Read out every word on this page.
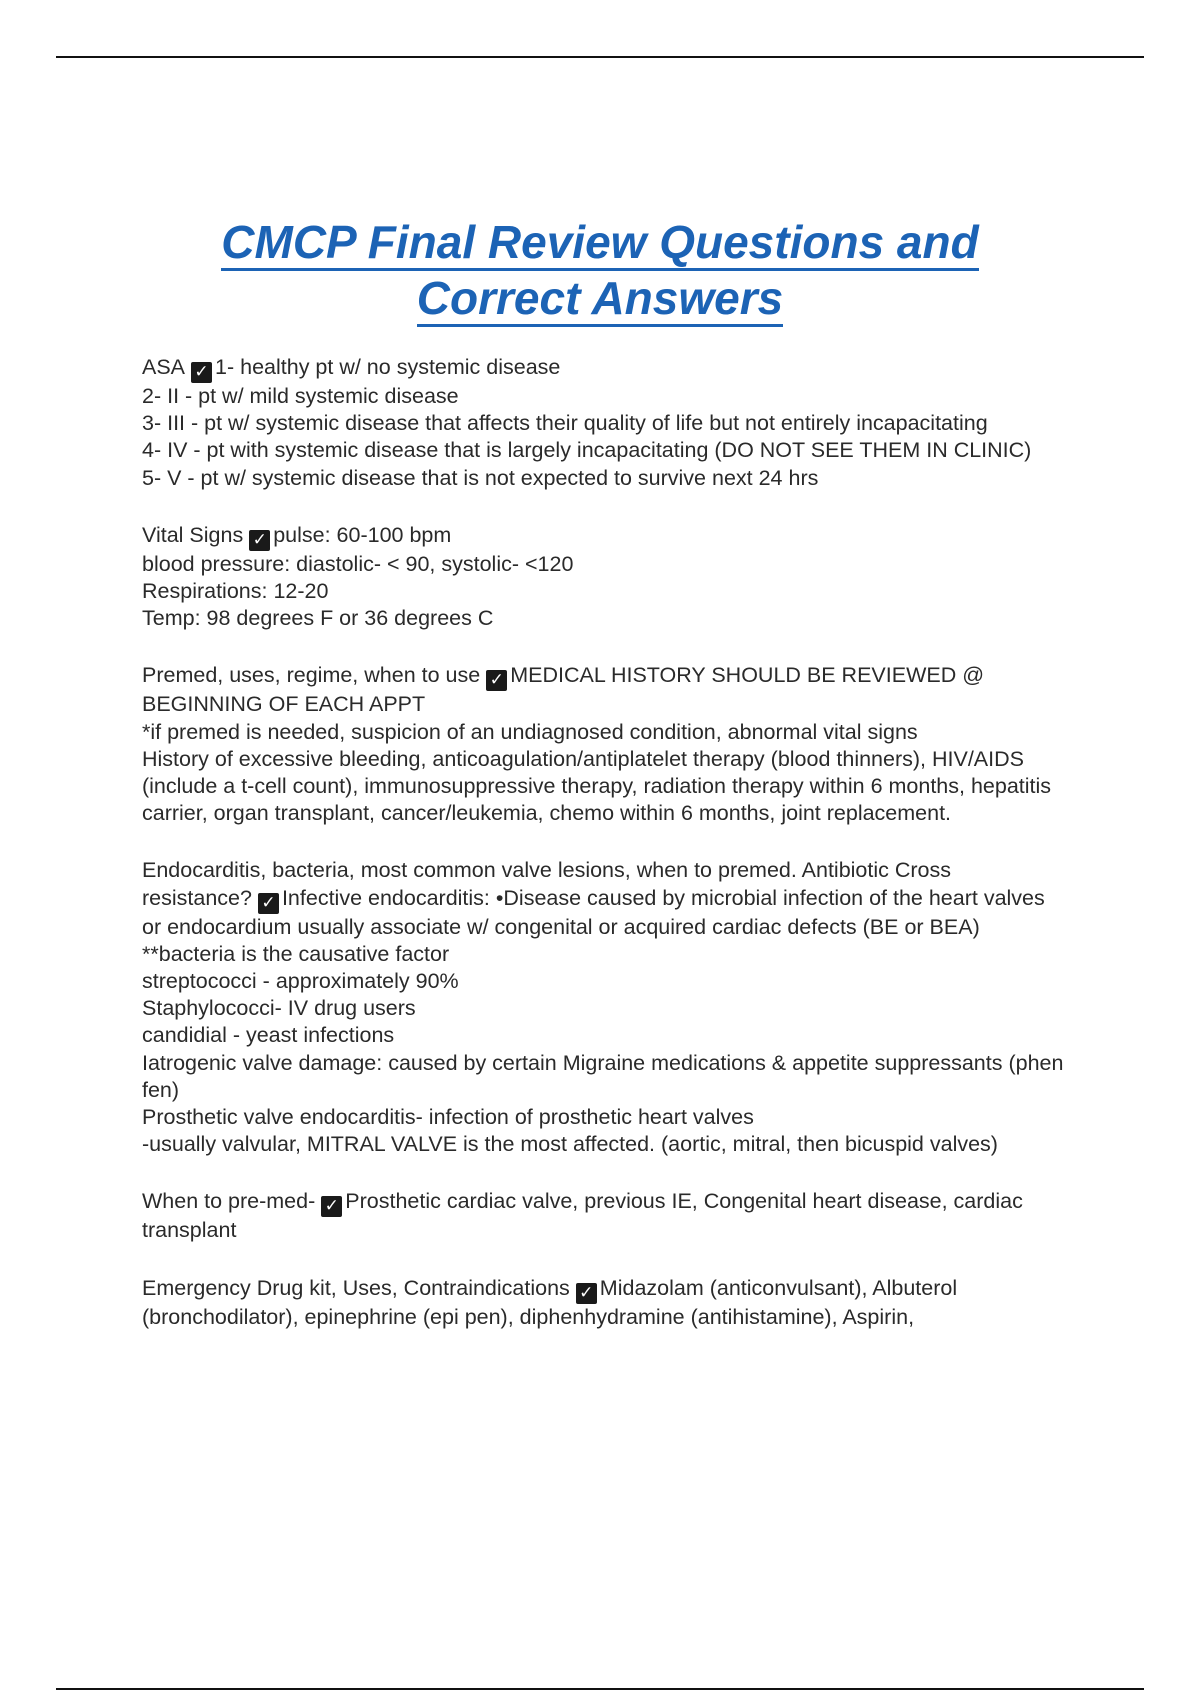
CMCP Final Review Questions and
Correct Answers

ASA ✓ 1- healthy pt w/ no systemic disease

2- II - pt w/ mild systemic disease

3- III - pt w/ systemic disease that affects their quality of life but not entirely incapacitating

4- IV - pt with systemic disease that is largely incapacitating (DO NOT SEE THEM IN CLINIC)

5- V - pt w/ systemic disease that is not expected to survive next 24 hrs

Vital Signs ✓ pulse: 60-100 bpm

blood pressure: diastolic- < 90, systolic- <120

Respirations: 12-20

Temp: 98 degrees F or 36 degrees C

Premed, uses, regime, when to use ✓ MEDICAL HISTORY SHOULD BE REVIEWED @ BEGINNING OF EACH APPT

*if premed is needed, suspicion of an undiagnosed condition, abnormal vital signs

History of excessive bleeding, anticoagulation/antiplatelet therapy (blood thinners), HIV/AIDS (include a t-cell count), immunosuppressive therapy, radiation therapy within 6 months, hepatitis carrier, organ transplant, cancer/leukemia, chemo within 6 months, joint replacement.

Endocarditis, bacteria, most common valve lesions, when to premed. Antibiotic Cross resistance? ✓ Infective endocarditis: •Disease caused by microbial infection of the heart valves or endocardium usually associate w/ congenital or acquired cardiac defects (BE or BEA)

**bacteria is the causative factor

streptococci - approximately 90%

Staphylococci- IV drug users

candidial - yeast infections

Iatrogenic valve damage: caused by certain Migraine medications & appetite suppressants (phen fen)

Prosthetic valve endocarditis- infection of prosthetic heart valves

-usually valvular, MITRAL VALVE is the most affected. (aortic, mitral, then bicuspid valves)

When to pre-med- ✓ Prosthetic cardiac valve, previous IE, Congenital heart disease, cardiac transplant

Emergency Drug kit, Uses, Contraindications ✓ Midazolam (anticonvulsant), Albuterol (bronchodilator), epinephrine (epi pen), diphenhydramine (antihistamine), Aspirin,
